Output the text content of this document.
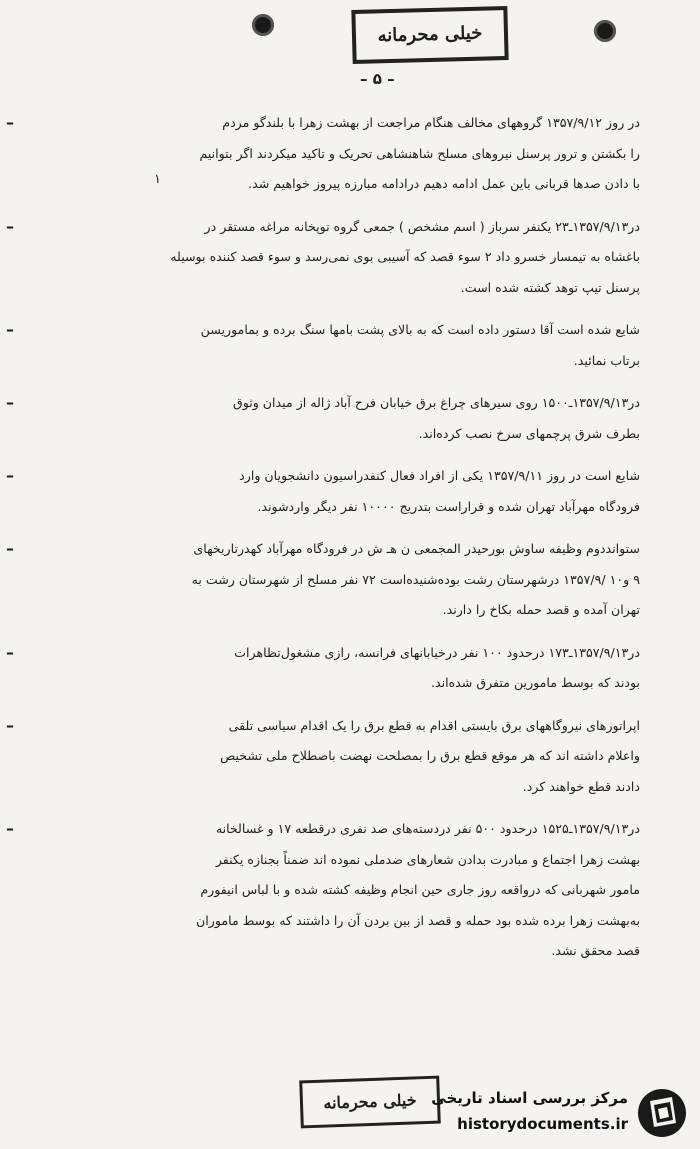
خیلی محرمانه
– ۵ –
۱
–	در روز ۱۳۵۷/۹/۱۲ گروههای مخالف هنگام مراجعت از بهشت زهرا با بلندگو مردم

را بکشتن و ترور پرسنل نیروهای مسلح شاهنشاهی تحریک و تاکید میکردند اگر بتوانیم

با دادن صدها قربانی باین عمل ادامه دهیم درادامه مبارزه پیروز خواهیم شد.

–	در۱۳۵۷/۹/۱۳ـ۲۳ یکنفر سرباز ( اسم مشخص ) جمعی گروه توپخانه مراغه مستقر در

باغشاه به تیمسار خسرو داد ۲ سوء قصد که آسیبی بوی نمی‌رسد و سوء قصد کننده بوسیله

پرسنل تیپ توهد کشته شده است.

–	شایع شده است آقا دستور داده است که به بالای پشت بامها سنگ برده و بماموریسن

برتاب نمائید.

–	در۱۳۵۷/۹/۱۳ـ۱۵۰۰ روی سیرهای چراغ برق خیابان فرح آباد ژاله از میدان وثوق

بطرف شرق پرچمهای سرخ نصب کرده‌اند.

–	شایع است در روز ۱۳۵۷/۹/۱۱ یکی از افراد فعال کنفدراسیون دانشجویان وارد

فرودگاه مهرآباد تهران شده و قراراست بتدریج ۱۰۰۰۰ نفر دیگر واردشوند.

–	ستوانددوم وظیفه ساوش بورحیدر المجمعی ن هـ ش در فرودگاه مهرآباد کهدرتاریخهای

۹ و۱۰ /۱۳۵۷/۹ درشهرستان رشت بوده‌شنیده‌است ۷۲ نفر مسلح از شهرستان رشت به

تهران آمده و قصد حمله بکاخ را دارند.

–	در۱۳۵۷/۹/۱۳ـ۱۷۳ درحدود ۱۰۰ نفر درخیابانهای فرانسه، رازی مشغول‌تظاهرات

بودند که بوسط مامورین متفرق شده‌اند.

–	اپراتورهای نیروگاههای برق بایستی اقدام به قطع برق را یک اقدام سیاسی تلقی

واعلام داشته اند که هر موقع قطع برق را بمصلحت نهضت باصطلاح ملی تشخیص

دادند قطع خواهند کرد.

–	در۱۳۵۷/۹/۱۳ـ۱۵۲۵ درحدود ۵۰۰ نفر دردسته‌های صد نفری درقطعه ۱۷ و غسالخانه

بهشت زهرا اجتماع و مبادرت بدادن شعارهای ضدملی نموده اند ضمناً بجنازه یکنفر

مامور شهربانی که درواقعه روز جاری حین انجام وظیفه کشته شده و با لباس انیفورم

به‌بهشت زهرا برده شده بود حمله و قصد از بین بردن آن را داشتند که بوسط ماموران

قصد محقق نشد.

خیلی محرمانه مرکز بررسی اسناد تاریخی
historydocuments.ir
